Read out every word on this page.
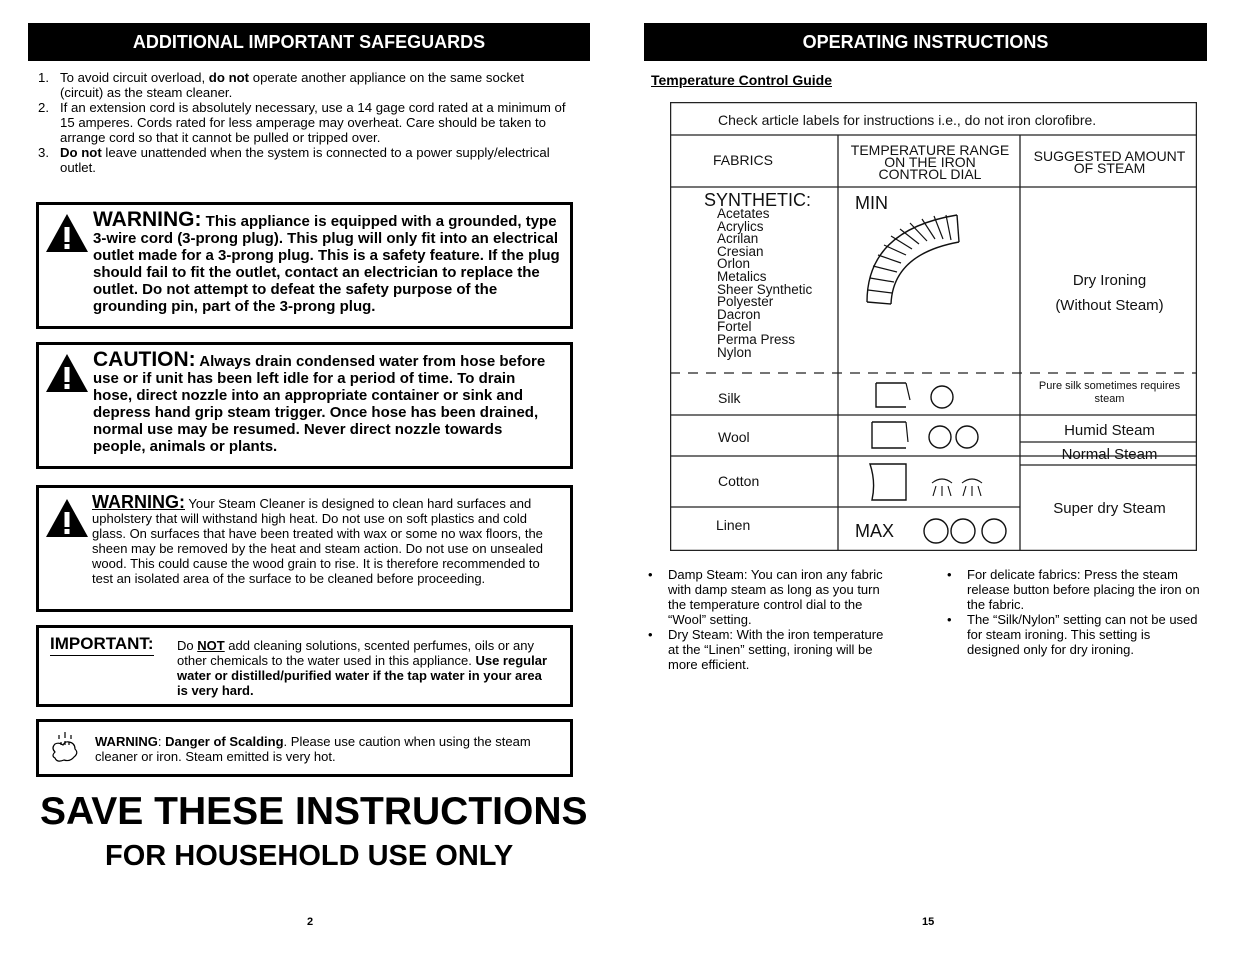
ADDITIONAL IMPORTANT SAFEGUARDS
1. To avoid circuit overload, do not operate another appliance on the same socket (circuit) as the steam cleaner.
2. If an extension cord is absolutely necessary, use a 14 gage cord rated at a minimum of 15 amperes. Cords rated for less amperage may overheat. Care should be taken to arrange cord so that it cannot be pulled or tripped over.
3. Do not leave unattended when the system is connected to a power supply/electrical outlet.
WARNING: This appliance is equipped with a grounded, type 3-wire cord (3-prong plug). This plug will only fit into an electrical outlet made for a 3-prong plug. This is a safety feature. If the plug should fail to fit the outlet, contact an electrician to replace the outlet. Do not attempt to defeat the safety purpose of the grounding pin, part of the 3-prong plug.
CAUTION: Always drain condensed water from hose before use or if unit has been left idle for a period of time. To drain hose, direct nozzle into an appropriate container or sink and depress hand grip steam trigger. Once hose has been drained, normal use may be resumed. Never direct nozzle towards people, animals or plants.
WARNING: Your Steam Cleaner is designed to clean hard surfaces and upholstery that will withstand high heat. Do not use on soft plastics and cold glass. On surfaces that have been treated with wax or some no wax floors, the sheen may be removed by the heat and steam action. Do not use on unsealed wood. This could cause the wood grain to rise. It is therefore recommended to test an isolated area of the surface to be cleaned before proceeding.
IMPORTANT: Do NOT add cleaning solutions, scented perfumes, oils or any other chemicals to the water used in this appliance. Use regular water or distilled/purified water if the tap water in your area is very hard.
WARNING: Danger of Scalding. Please use caution when using the steam cleaner or iron. Steam emitted is very hot.
SAVE THESE INSTRUCTIONS
FOR HOUSEHOLD USE ONLY
2
OPERATING INSTRUCTIONS
Temperature Control Guide
Check article labels for instructions i.e., do not iron clorofibre.
FABRICS
TEMPERATURE RANGE
ON THE IRON
CONTROL DIAL
SUGGESTED AMOUNT
OF STEAM
SYNTHETIC:
Acetates
Acrylics
Acrilan
Cresian
Orlon
Metalics
Sheer Synthetic
Polyester
Dacron
Fortel
Perma Press
Nylon
MIN
Dry Ironing
(Without Steam)
Silk
Pure silk sometimes requires
steam
Wool	Humid Steam
Normal Steam
Cotton
Super dry Steam
Linen	MAX
• Damp Steam: You can iron any fabric with damp steam as long as you turn the temperature control dial to the “Wool” setting.
• Dry Steam: With the iron temperature at the “Linen” setting, ironing will be more efficient.
• For delicate fabrics: Press the steam release button before placing the iron on the fabric.
• The “Silk/Nylon” setting can not be used for steam ironing. This setting is designed only for dry ironing.
15
